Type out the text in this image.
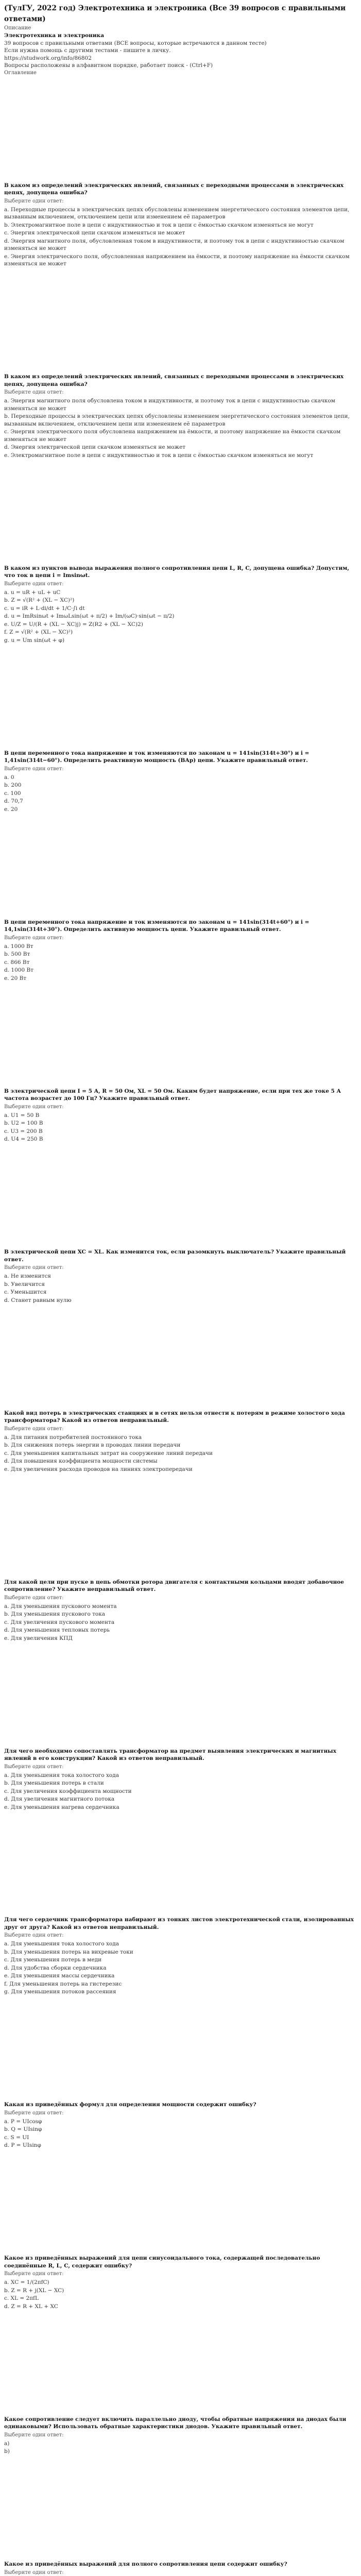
(ТулГУ, 2022 год) Электротехника и электроника (Все 39 вопросов с правильными ответами)
Описание
Электротехника и электроника
39 вопросов с правильными ответами (ВСЕ вопросы, которые встречаются в данном тесте)
Если нужна помощь с другими тестами - пишите в личку.
https://studwork.org/info/86802
Вопросы расположены в алфавитном порядке, работает поиск - (Ctrl+F)
Оглавление
В каком из определений электрических явлений, связанных с переходными процессами в электрических цепях, допущена ошибка?
Выберите один ответ:
a. Переходные процессы в электрических цепях обусловлены изменением энергетического состояния элементов цепи, вызванным включением, отключением цепи или изменением её параметров
b. Электромагнитное поле в цепи с индуктивностью и ток в цепи с ёмкостью скачком изменяться не могут
c. Энергия электрической цепи скачком изменяться не может
d. Энергия магнитного поля, обусловленная током в индуктивности, и поэтому ток в цепи с индуктивностью скачком изменяться не может
e. Энергия электрического поля, обусловленная напряжением на ёмкости, и поэтому напряжение на ёмкости скачком изменяться не может
В каком из определений электрических явлений, связанных с переходными процессами в электрических цепях, допущена ошибка?
Выберите один ответ:
a. Энергия магнитного поля обусловлена током в индуктивности, и поэтому ток в цепи с индуктивностью скачком изменяться не может
b. Переходные процессы в электрических цепях обусловлены изменением энергетического состояния элементов цепи, вызванным включением, отключением цепи или изменением её параметров
c. Энергия электрического поля обусловлена напряжением на ёмкости, и поэтому напряжение на ёмкости скачком изменяться не может
d. Энергия электрической цепи скачком изменяться не может
e. Электромагнитное поле в цепи с индуктивностью и ток в цепи с ёмкостью скачком изменяться не могут
В каком из пунктов вывода выражения полного сопротивления цепи L, R, C, допущена ошибка? Допустим, что ток в цепи i = Imsinωt.
Выберите один ответ:
a. u = uR + uL + uC
b. Z = √(R² + (XL − XC)²)
c. u = iR + L·di/dt + 1/C·∫i dt
d. u = ImRsinωt + ImωLsin(ωt + π/2) + Im/(ωC)·sin(ωt − π/2)
e. U/Z = U/(R + (XL − XC)j) = Z(R2 + (XL − XC)2)
f. Z = √(R² + (XL − XC)²)
g. u = Um sin(ωt + φ)
В цепи переменного тока напряжение и ток изменяются по законам u = 141sin(314t+30°) и i = 1,41sin(314t−60°). Определить реактивную мощность (ВАр) цепи. Укажите правильный ответ.
Выберите один ответ:
a. 0
b. 200
c. 100
d. 70,7
e. 20
В цепи переменного тока напряжение и ток изменяются по законам u = 141sin(314t+60°) и i = 14,1sin(314t+30°). Определить активную мощность цепи. Укажите правильный ответ.
Выберите один ответ:
a. 1000 Вт
b. 500 Вт
c. 866 Вт
d. 1000 Вт
e. 20 Вт
В электрической цепи I = 5 А, R = 50 Ом, XL = 50 Ом. Каким будет напряжение, если при тех же токе 5 А частота возрастет до 100 Гц? Укажите правильный ответ.
Выберите один ответ:
a. U1 = 50 В
b. U2 = 100 В
c. U3 = 200 В
d. U4 = 250 В
В электрической цепи XC = XL. Как изменится ток, если разомкнуть выключатель? Укажите правильный ответ.
Выберите один ответ:
a. Не изменится
b. Увеличится
c. Уменьшится
d. Станет равным нулю
Какой вид потерь в электрических станциях и в сетях нельзя отнести к потерям в режиме холостого хода трансформатора? Какой из ответов неправильный.
Выберите один ответ:
a. Для питания потребителей постоянного тока
b. Для снижения потерь энергии в проводах линии передачи
c. Для уменьшения капитальных затрат на сооружение линий передачи
d. Для повышения коэффициента мощности системы
e. Для увеличения расхода проводов на линиях электропередачи
Для какой цели при пуске в цепь обмотки ротора двигателя с контактными кольцами вводят добавочное сопротивление? Укажите неправильный ответ.
Выберите один ответ:
a. Для уменьшения пускового момента
b. Для уменьшения пускового тока
c. Для увеличения пускового момента
d. Для уменьшения тепловых потерь
e. Для увеличения КПД
Для чего необходимо сопоставлять трансформатор на предмет выявления электрических и магнитных явлений в его конструкции? Какой из ответов неправильный.
Выберите один ответ:
a. Для уменьшения тока холостого хода
b. Для уменьшения потерь в стали
c. Для увеличения коэффициента мощности
d. Для увеличения магнитного потока
e. Для уменьшения нагрева сердечника
Для чего сердечник трансформатора набирают из тонких листов электротехнической стали, изолированных друг от друга? Какой из ответов неправильный.
Выберите один ответ:
a. Для уменьшения тока холостого хода
b. Для уменьшения потерь на вихревые токи
c. Для уменьшения потерь в меди
d. Для удобства сборки сердечника
e. Для уменьшения массы сердечника
f. Для уменьшения потерь на гистерезис
g. Для уменьшения потоков рассеяния
Какая из приведённых формул для определения мощности содержит ошибку?
Выберите один ответ:
a. P = UIcosφ
b. Q = UIsinφ
c. S = UI
d. P = UIsinφ
Какое из приведённых выражений для цепи синусоидального тока, содержащей последовательно соединённые R, L, C, содержит ошибку?
Выберите один ответ:
a. XC = 1/(2πfC)
b. Z = R + j(XL − XC)
c. XL = 2πfL
d. Z = R + XL + XC
Какое сопротивление следует включить параллельно диоду, чтобы обратные напряжения на диодах были одинаковыми? Использовать обратные характеристики диодов. Укажите правильный ответ.
Выберите один ответ:
a)
b)
Какое из приведённых выражений для полного сопротивления цепи содержит ошибку?
Выберите один ответ:
